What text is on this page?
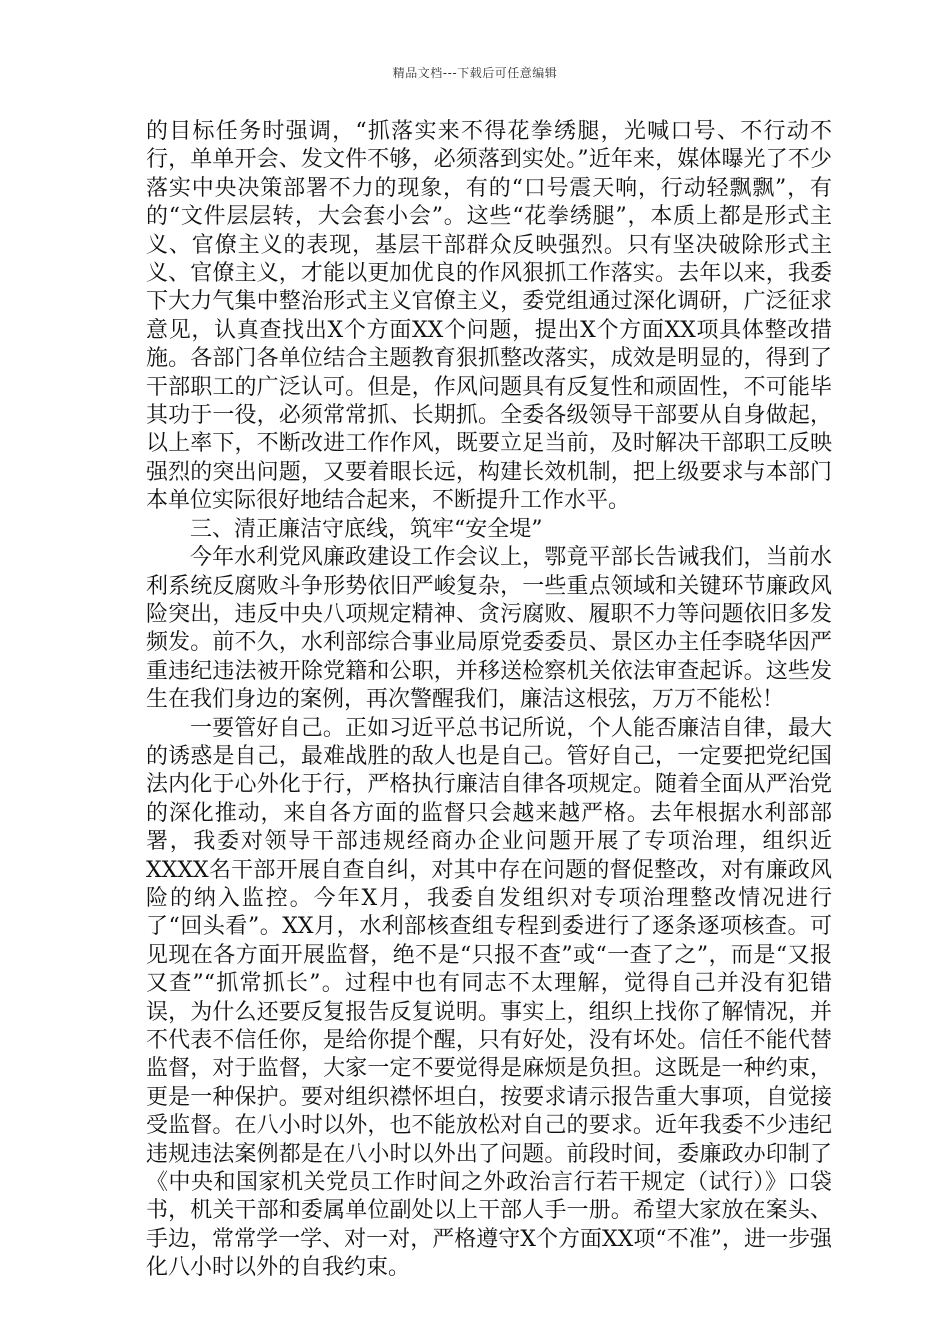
精品文档---下载后可任意编辑

的目标任务时强调，“抓落实来不得花拳绣腿，光喊口号、不行动不行，单单开会、发文件不够，必须落到实处。”近年来，媒体曝光了不少落实中央决策部署不力的现象，有的“口号震天响，行动轻飘飘”，有的“文件层层转，大会套小会”。这些“花拳绣腿”，本质上都是形式主义、官僚主义的表现，基层干部群众反映强烈。只有坚决破除形式主义、官僚主义，才能以更加优良的作风狠抓工作落实。去年以来，我委下大力气集中整治形式主义官僚主义，委党组通过深化调研，广泛征求意见，认真查找出X个方面XX个问题，提出X个方面XX项具体整改措施。各部门各单位结合主题教育狠抓整改落实，成效是明显的，得到了干部职工的广泛认可。但是，作风问题具有反复性和顽固性，不可能毕其功于一役，必须常常抓、长期抓。全委各级领导干部要从自身做起，以上率下，不断改进工作作风，既要立足当前，及时解决干部职工反映强烈的突出问题，又要着眼长远，构建长效机制，把上级要求与本部门本单位实际很好地结合起来，不断提升工作水平。

三、清正廉洁守底线，筑牢“安全堤”

今年水利党风廉政建设工作会议上，鄂竟平部长告诫我们，当前水利系统反腐败斗争形势依旧严峻复杂，一些重点领域和关键环节廉政风险突出，违反中央八项规定精神、贪污腐败、履职不力等问题依旧多发频发。前不久，水利部综合事业局原党委委员、景区办主任李晓华因严重违纪违法被开除党籍和公职，并移送检察机关依法审查起诉。这些发生在我们身边的案例，再次警醒我们，廉洁这根弦，万万不能松！

一要管好自己。正如习近平总书记所说，个人能否廉洁自律，最大的诱惑是自己，最难战胜的敌人也是自己。管好自己，一定要把党纪国法内化于心外化于行，严格执行廉洁自律各项规定。随着全面从严治党的深化推动，来自各方面的监督只会越来越严格。去年根据水利部部署，我委对领导干部违规经商办企业问题开展了专项治理，组织近XXXX名干部开展自查自纠，对其中存在问题的督促整改，对有廉政风险的纳入监控。今年X月，我委自发组织对专项治理整改情况进行了“回头看”。XX月，水利部核查组专程到委进行了逐条逐项核查。可见现在各方面开展监督，绝不是“只报不查”或“一查了之”，而是“又报又查”“抓常抓长”。过程中也有同志不太理解，觉得自己并没有犯错误，为什么还要反复报告反复说明。事实上，组织上找你了解情况，并不代表不信任你，是给你提个醒，只有好处，没有坏处。信任不能代替监督，对于监督，大家一定不要觉得是麻烦是负担。这既是一种约束，更是一种保护。要对组织襟怀坦白，按要求请示报告重大事项，自觉接受监督。在八小时以外，也不能放松对自己的要求。近年我委不少违纪违规违法案例都是在八小时以外出了问题。前段时间，委廉政办印制了《中央和国家机关党员工作时间之外政治言行若干规定（试行）》口袋书，机关干部和委属单位副处以上干部人手一册。希望大家放在案头、手边，常常学一学、对一对，严格遵守X个方面XX项“不准”，进一步强化八小时以外的自我约束。
